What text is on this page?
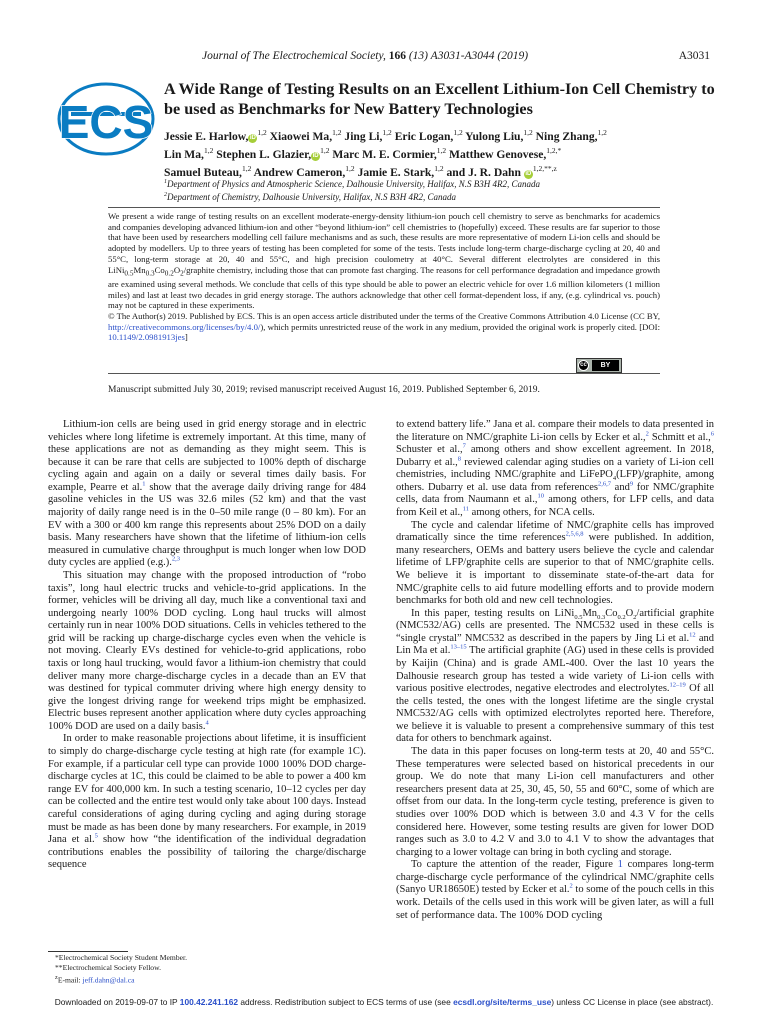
Journal of The Electrochemical Society, 166 (13) A3031-A3044 (2019)	A3031
ECS
A Wide Range of Testing Results on an Excellent Lithium-Ion Cell Chemistry to be used as Benchmarks for New Battery Technologies
Jessie E. Harlow, iD$^{1,2}$ Xiaowei Ma,$^{1,2}$ Jing Li,$^{1,2}$ Eric Logan,$^{1,2}$ Yulong Liu,$^{1,2}$ Ning Zhang,$^{1,2}$
Lin Ma,$^{1,2}$ Stephen L. Glazier, iD$^{1,2}$ Marc M. E. Cormier,$^{1,2}$ Matthew Genovese,$^{1,2,*}$
Samuel Buteau,$^{1,2}$ Andrew Cameron,$^{1,2}$ Jamie E. Stark,$^{1,2}$ and J. R. Dahn $iD^{1,2,**,z}$
$^1$Department of Physics and Atmospheric Science, Dalhousie University, Halifax, N.S B3H 4R2, Canada
$^2$Department of Chemistry, Dalhousie University, Halifax, N.S B3H 4R2, Canada

We present a wide range of testing results on an excellent moderate-energy-density lithium-ion pouch cell chemistry to serve as benchmarks for academics and companies developing advanced lithium-ion and other “beyond lithium-ion” cell chemistries to (hopefully) exceed. These results are far superior to those that have been used by researchers modelling cell failure mechanisms and as such, these results are more representative of modern Li-ion cells and should be adopted by modellers. Up to three years of testing has been completed for some of the tests. Tests include long-term charge-discharge cycling at 20, 40 and 55°C, long-term storage at 20, 40 and 55°C, and high precision coulometry at 40°C. Several different electrolytes are considered in this $LiNi_{0.5}Mn_{0.3}Co_{0.2}O_2$/graphite chemistry, including those that can promote fast charging. The reasons for cell performance degradation and impedance growth are examined using several methods. We conclude that cells of this type should be able to power an electric vehicle for over 1.6 million kilometers (1 million miles) and last at least two decades in grid energy storage. The authors acknowledge that other cell format-dependent loss, if any, (e.g. cylindrical vs. pouch) may not be captured in these experiments.
© The Author(s) 2019. Published by ECS. This is an open access article distributed under the terms of the Creative Commons Attribution 4.0 License (CC BY, http://creativecommons.org/licenses/by/4.0/), which permits unrestricted reuse of the work in any medium, provided the original work is properly cited. [DOI: 10.1149/2.0981913jes]

cc	BY
Manuscript submitted July 30, 2019; revised manuscript received August 16, 2019. Published September 6, 2019.

Lithium-ion cells are being used in grid energy storage and in electric vehicles where long lifetime is extremely important. At this time, many of these applications are not as demanding as they might seem. This is because it can be rare that cells are subjected to 100% depth of discharge cycling again and again on a daily or several times daily basis. For example, Pearre et al.$^1$ show that the average daily driving range for 484 gasoline vehicles in the US was 32.6 miles (52 km) and that the vast majority of daily range need is in the 0–50 mile range (0 – 80 km). For an EV with a 300 or 400 km range this represents about 25% DOD on a daily basis. Many researchers have shown that the lifetime of lithium-ion cells measured in cumulative charge throughput is much longer when low DOD duty cycles are applied (e.g.).$^{2,3}$

This situation may change with the proposed introduction of “robo taxis”, long haul electric trucks and vehicle-to-grid applications. In the former, vehicles will be driving all day, much like a conventional taxi and undergoing nearly 100% DOD cycling. Long haul trucks will almost certainly run in near 100% DOD situations. Cells in vehicles tethered to the grid will be racking up charge-discharge cycles even when the vehicle is not moving. Clearly EVs destined for vehicle-to-grid applications, robo taxis or long haul trucking, would favor a lithium-ion chemistry that could deliver many more charge-discharge cycles in a decade than an EV that was destined for typical commuter driving where high energy density to give the longest driving range for weekend trips might be emphasized. Electric buses represent another application where duty cycles approaching 100% DOD are used on a daily basis.$^4$

In order to make reasonable projections about lifetime, it is insufficient to simply do charge-discharge cycle testing at high rate (for example 1C). For example, if a particular cell type can provide 1000 100% DOD charge-discharge cycles at 1C, this could be claimed to be able to power a 400 km range EV for 400,000 km. In such a testing scenario, 10–12 cycles per day can be collected and the entire test would only take about 100 days. Instead careful considerations of aging during cycling and aging during storage must be made as has been done by many researchers. For example, in 2019 Jana et al.$^5$ show how “the identification of the individual degradation contributions enables the possibility of tailoring the charge/discharge sequence

to extend battery life.” Jana et al. compare their models to data presented in the literature on NMC/graphite Li-ion cells by Ecker et al.,$^2$ Schmitt et al.,$^6$ Schuster et al.,$^7$ among others and show excellent agreement. In 2018, Dubarry et al.,$^8$ reviewed calendar aging studies on a variety of Li-ion cell chemistries, including NMC/graphite and LiFePO$_4$(LFP)/graphite, among others. Dubarry et al. use data from references$^{2,6,7}$ and$^9$ for NMC/graphite cells, data from Naumann et al.,$^{10}$ among others, for LFP cells, and data from Keil et al.,$^{11}$ among others, for NCA cells.

The cycle and calendar lifetime of NMC/graphite cells has improved dramatically since the time references$^{2,5,6,8}$ were published. In addition, many researchers, OEMs and battery users believe the cycle and calendar lifetime of LFP/graphite cells are superior to that of NMC/graphite cells. We believe it is important to disseminate state-of-the-art data for NMC/graphite cells to aid future modelling efforts and to provide modern benchmarks for both old and new cell technologies.

In this paper, testing results on $LiNi_{0.5}Mn_{0.3}Co_{0.2}O_2$/artificial graphite (NMC532/AG) cells are presented. The NMC532 used in these cells is “single crystal” NMC532 as described in the papers by Jing Li et al.$^{12}$ and Lin Ma et al.$^{13-15}$ The artificial graphite (AG) used in these cells is provided by Kaijin (China) and is grade AML-400. Over the last 10 years the Dalhousie research group has tested a wide variety of Li-ion cells with various positive electrodes, negative electrodes and electrolytes.$^{12-19}$ Of all the cells tested, the ones with the longest lifetime are the single crystal NMC532/AG cells with optimized electrolytes reported here. Therefore, we believe it is valuable to present a comprehensive summary of this test data for others to benchmark against.

The data in this paper focuses on long-term tests at 20, 40 and 55°C. These temperatures were selected based on historical precedents in our group. We do note that many Li-ion cell manufacturers and other researchers present data at 25, 30, 45, 50, 55 and 60°C, some of which are offset from our data. In the long-term cycle testing, preference is given to studies over 100% DOD which is between 3.0 and 4.3 V for the cells considered here. However, some testing results are given for lower DOD ranges such as 3.0 to 4.2 V and 3.0 to 4.1 V to show the advantages that charging to a lower voltage can bring in both cycling and storage.

To capture the attention of the reader, Figure 1 compares long-term charge-discharge cycle performance of the cylindrical NMC/graphite cells (Sanyo UR18650E) tested by Ecker et al.$^2$ to some of the pouch cells in this work. Details of the cells used in this work will be given later, as will a full set of performance data. The 100% DOD cycling

*Electrochemical Society Student Member.
**Electrochemical Society Fellow.
$^z$E-mail: jeff.dahn@dal.ca
Downloaded on 2019-09-07 to IP 100.42.241.162 address. Redistribution subject to ECS terms of use (see ecsdl.org/site/terms_use) unless CC License in place (see abstract).
